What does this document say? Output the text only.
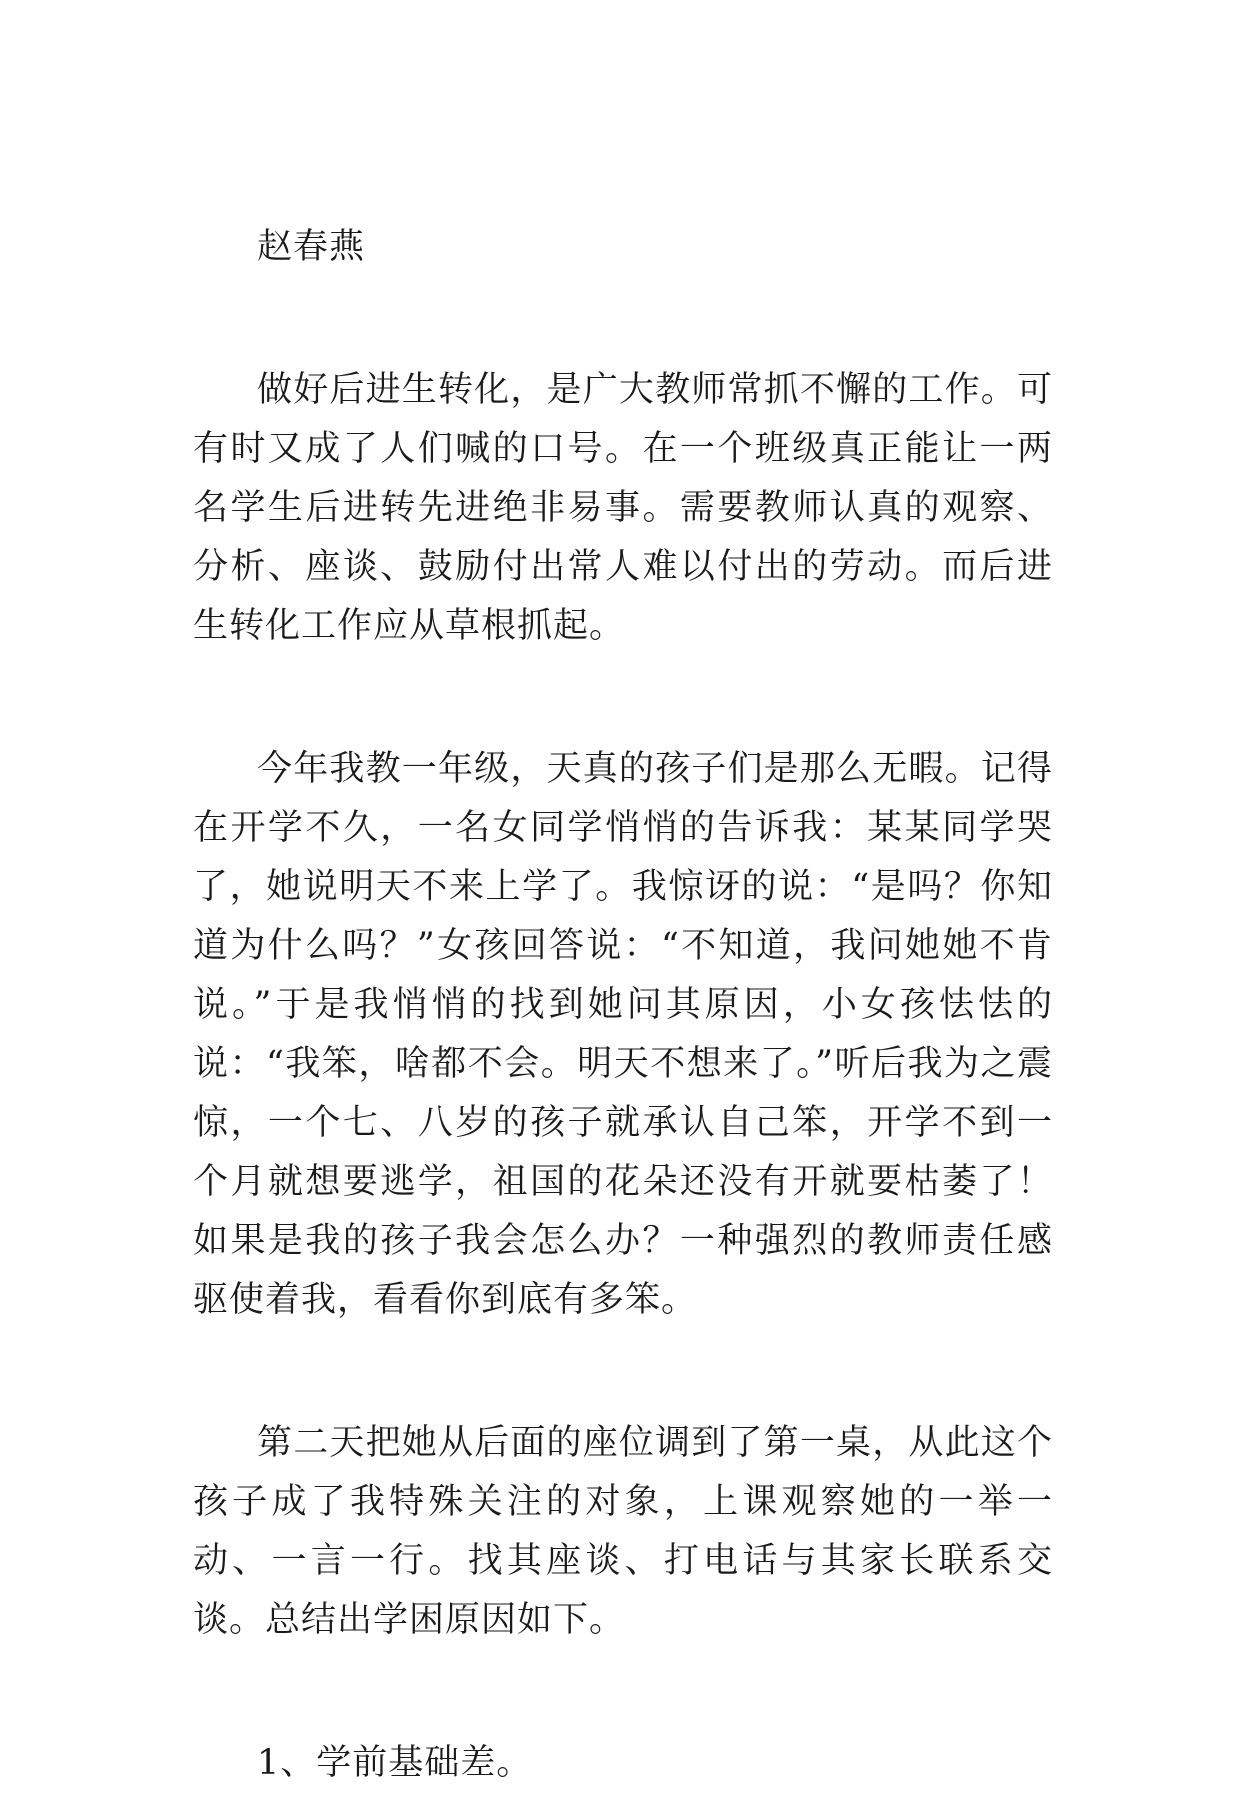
赵春燕

做好后进生转化，是广大教师常抓不懈的工作。可有时又成了人们喊的口号。在一个班级真正能让一两名学生后进转先进绝非易事。需要教师认真的观察、分析、座谈、鼓励付出常人难以付出的劳动。而后进生转化工作应从草根抓起。

今年我教一年级，天真的孩子们是那么无暇。记得在开学不久，一名女同学悄悄的告诉我：某某同学哭了，她说明天不来上学了。我惊讶的说：“是吗？你知道为什么吗？”女孩回答说：“不知道，我问她她不肯说。”于是我悄悄的找到她问其原因，小女孩怯怯的说：“我笨，啥都不会。明天不想来了。”听后我为之震惊，一个七、八岁的孩子就承认自己笨，开学不到一个月就想要逃学，祖国的花朵还没有开就要枯萎了！如果是我的孩子我会怎么办？一种强烈的教师责任感驱使着我，看看你到底有多笨。

第二天把她从后面的座位调到了第一桌，从此这个孩子成了我特殊关注的对象，上课观察她的一举一动、一言一行。找其座谈、打电话与其家长联系交谈。总结出学困原因如下。

1、学前基础差。
